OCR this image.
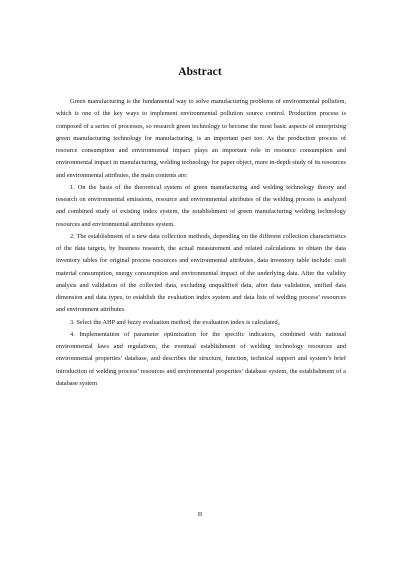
Abstract

Green manufacturing is the fundamental way to solve manufacturing problems of environmental pollution, which is one of the key ways to implement environmental pollution source control. Production process is composed of a series of processes, so research green technology to become the most basic aspects of enterprising green manufacturing technology for manufacturing, is an important part too. As the production process of resource consumption and environmental impact plays an important role in resource consumption and environmental impact in manufacturing, welding technology for paper object, more in-depth study of its resources and environmental attributes, the main contents are:

1. On the basis of the theoretical system of green manufacturing and welding technology theory and research on environmental emissions, resource and environmental attributes of the welding process is analyzed and combined study of existing index system, the establishment of green manufacturing welding technology resources and environmental attributes system.

2. The establishment of a new data collection methods, depending on the different collection characteristics of the data targets, by business research, the actual measurement and related calculations to obtain the data inventory tables for original process resources and environmental attributes, data inventory table include: craft material consumption, energy consumption and environmental impact of the underlying data. After the validity analysis and validation of the collected data, excluding unqualified data, after data validation, unified data dimension and data types, to establish the evaluation index system and data lists of welding process’ resources and environment attributes.

3. Select the AHP and fuzzy evaluation method, the evaluation index is calculated。

4. Implementation of parameter optimization for the specific indicators, combined with national environmental laws and regulations, the eventual establishment of welding technology resources and environmental properties’ database, and describes the structure, function, technical support and system’s brief introduction of welding process’ resources and environmental properties’ database system, the establishment of a database system

II
